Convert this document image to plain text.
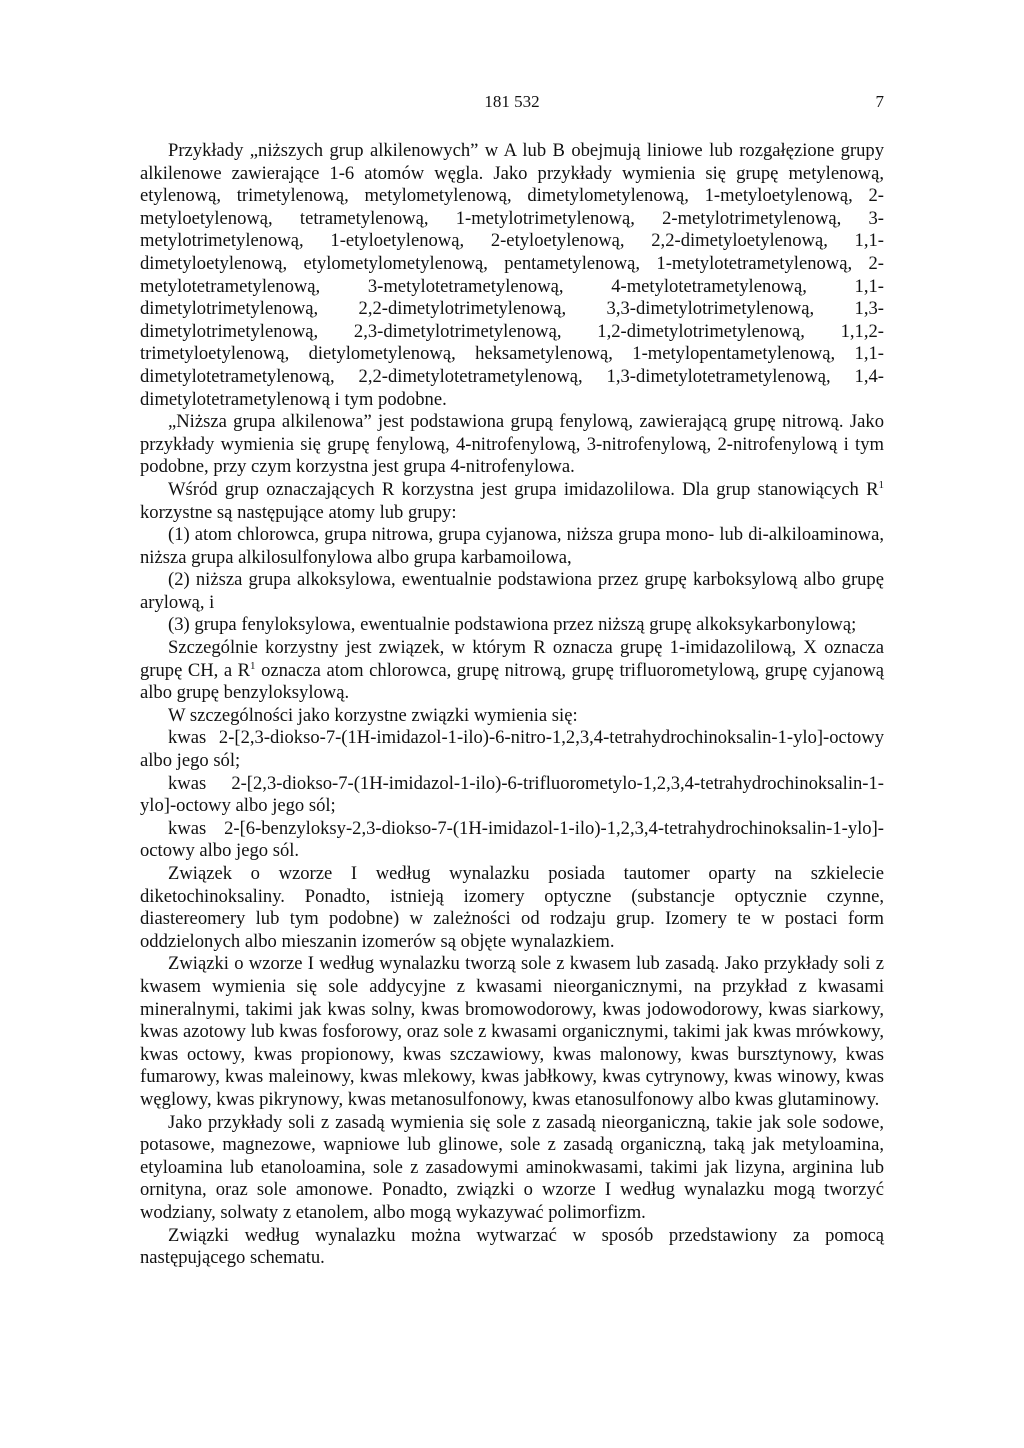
181 532	7

Przykłady „niższych grup alkilenowych” w A lub B obejmują liniowe lub rozgałęzione grupy alkilenowe zawierające 1-6 atomów węgla. Jako przykłady wymienia się grupę metylenową, etylenową, trimetylenową, metylometylenową, dimetylometylenową, 1-metyloetylenową, 2-metyloetylenową, tetrametylenową, 1-metylotrimetylenową, 2-metylotrimetylenową, 3-metylotrimetylenową, 1-etyloetylenową, 2-etyloetylenową, 2,2-dimetyloetylenową, 1,1-dimetyloetylenową, etylometylometylenową, pentametylenową, 1-metylotetrametylenową, 2-metylotetrametylenową, 3-metylotetrametylenową, 4-metylotetrametylenową, 1,1-dimetylotrimetylenową, 2,2-dimetylotrimetylenową, 3,3-dimetylotrimetylenową, 1,3-dimetylotrimetylenową, 2,3-dimetylotrimetylenową, 1,2-dimetylotrimetylenową, 1,1,2-trimetyloetylenową, dietylometylenową, heksametylenową, 1-metylopentametylenową, 1,1-dimetylotetrametylenową, 2,2-dimetylotetrametylenową, 1,3-dimetylotetrametylenową, 1,4-dimetylotetrametylenową i tym podobne.

„Niższa grupa alkilenowa” jest podstawiona grupą fenylową, zawierającą grupę nitrową. Jako przykłady wymienia się grupę fenylową, 4-nitrofenylową, 3-nitrofenylową, 2-nitrofenylową i tym podobne, przy czym korzystna jest grupa 4-nitrofenylowa.

Wśród grup oznaczających R korzystna jest grupa imidazolilowa. Dla grup stanowiących $R^1$ korzystne są następujące atomy lub grupy:

(1) atom chlorowca, grupa nitrowa, grupa cyjanowa, niższa grupa mono- lub di-alkiloaminowa, niższa grupa alkilosulfonylowa albo grupa karbamoilowa,

(2) niższa grupa alkoksylowa, ewentualnie podstawiona przez grupę karboksylową albo grupę arylową, i

(3) grupa fenyloksylowa, ewentualnie podstawiona przez niższą grupę alkoksykarbonylową;

Szczególnie korzystny jest związek, w którym R oznacza grupę 1-imidazolilową, X oznacza grupę CH, a $R^1$ oznacza atom chlorowca, grupę nitrową, grupę trifluorometylową, grupę cyjanową albo grupę benzyloksylową.

W szczególności jako korzystne związki wymienia się:

kwas 2-[2,3-diokso-7-(1H-imidazol-1-ilo)-6-nitro-1,2,3,4-tetrahydrochinoksalin-1-ylo]-octowy albo jego sól;

kwas 2-[2,3-diokso-7-(1H-imidazol-1-ilo)-6-trifluorometylo-1,2,3,4-tetrahydrochinoksalin-1-ylo]-octowy albo jego sól;

kwas 2-[6-benzyloksy-2,3-diokso-7-(1H-imidazol-1-ilo)-1,2,3,4-tetrahydrochinoksalin-1-ylo]-octowy albo jego sól.

Związek o wzorze I według wynalazku posiada tautomer oparty na szkielecie diketochinoksaliny. Ponadto, istnieją izomery optyczne (substancje optycznie czynne, diastereomery lub tym podobne) w zależności od rodzaju grup. Izomery te w postaci form oddzielonych albo mieszanin izomerów są objęte wynalazkiem.

Związki o wzorze I według wynalazku tworzą sole z kwasem lub zasadą. Jako przykłady soli z kwasem wymienia się sole addycyjne z kwasami nieorganicznymi, na przykład z kwasami mineralnymi, takimi jak kwas solny, kwas bromowodorowy, kwas jodowodorowy, kwas siarkowy, kwas azotowy lub kwas fosforowy, oraz sole z kwasami organicznymi, takimi jak kwas mrówkowy, kwas octowy, kwas propionowy, kwas szczawiowy, kwas malonowy, kwas bursztynowy, kwas fumarowy, kwas maleinowy, kwas mlekowy, kwas jabłkowy, kwas cytrynowy, kwas winowy, kwas węglowy, kwas pikrynowy, kwas metanosulfonowy, kwas etanosulfonowy albo kwas glutaminowy.

Jako przykłady soli z zasadą wymienia się sole z zasadą nieorganiczną, takie jak sole sodowe, potasowe, magnezowe, wapniowe lub glinowe, sole z zasadą organiczną, taką jak metyloamina, etyloamina lub etanoloamina, sole z zasadowymi aminokwasami, takimi jak lizyna, arginina lub ornityna, oraz sole amonowe. Ponadto, związki o wzorze I według wynalazku mogą tworzyć wodziany, solwaty z etanolem, albo mogą wykazywać polimorfizm.

Związki według wynalazku można wytwarzać w sposób przedstawiony za pomocą następującego schematu.
